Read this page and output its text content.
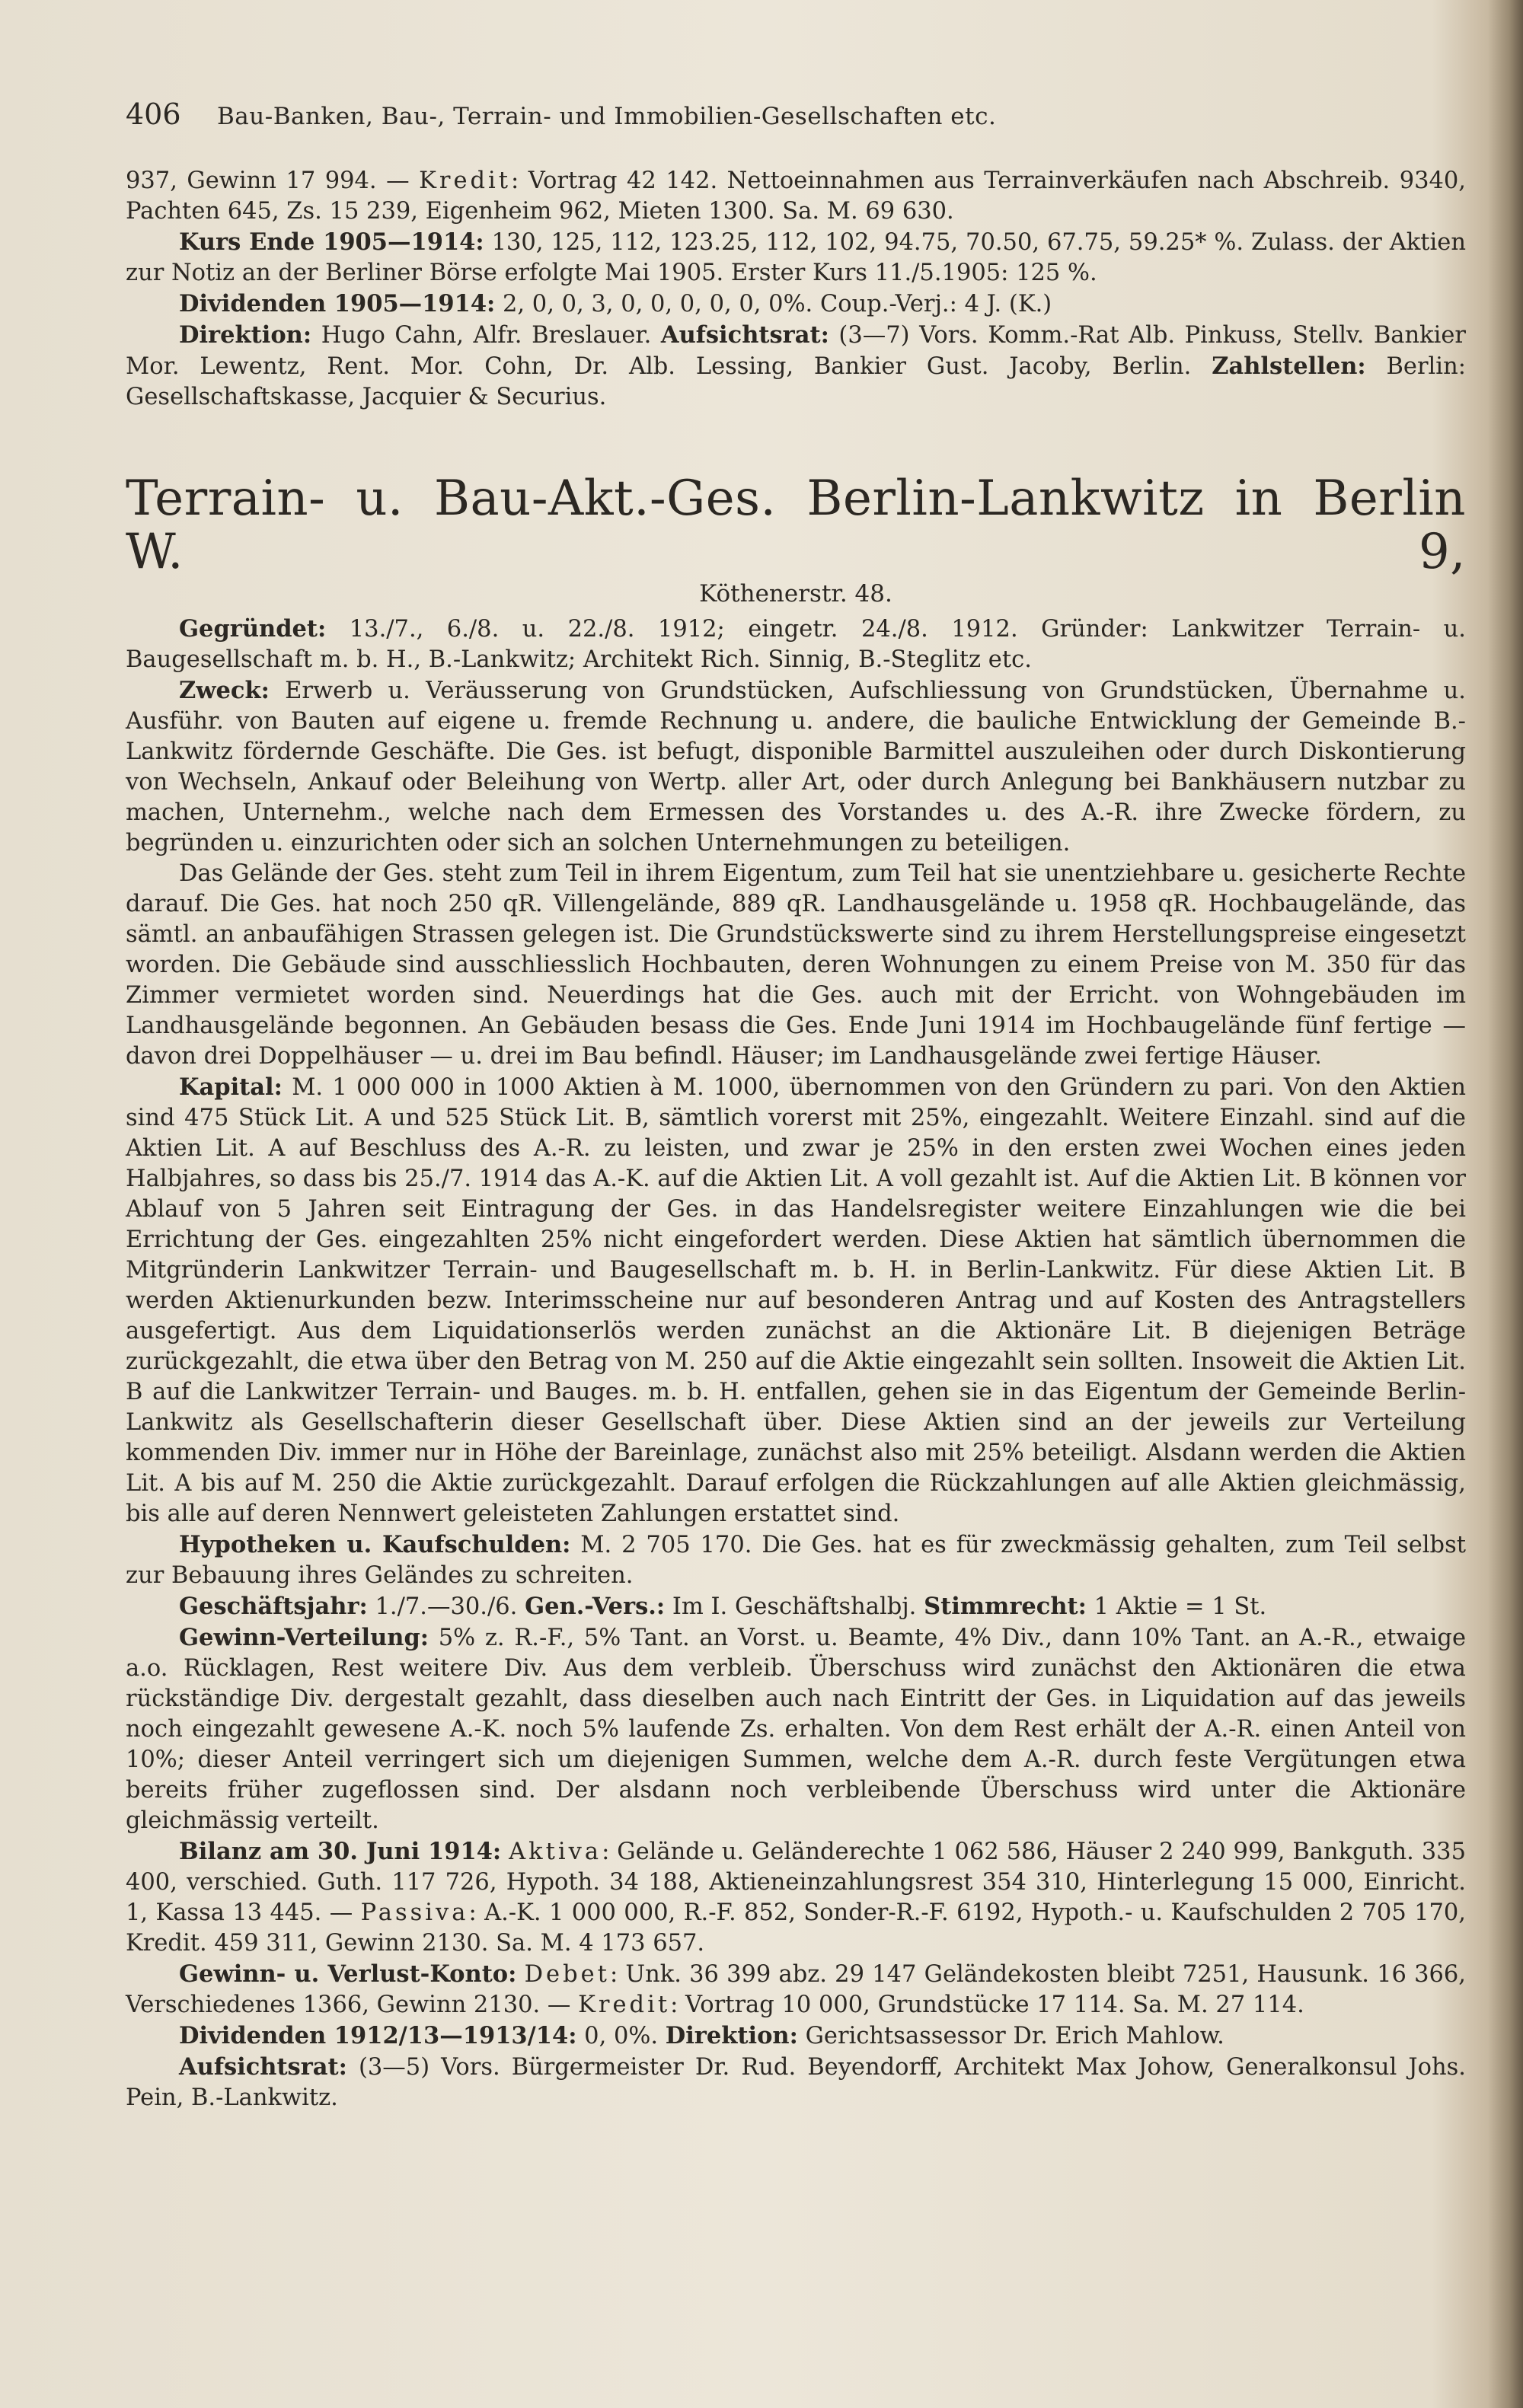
406	Bau-Banken, Bau-, Terrain- und Immobilien-Gesellschaften etc.

937, Gewinn 17 994. — Kredit: Vortrag 42 142. Nettoeinnahmen aus Terrainverkäufen nach Abschreib. 9340, Pachten 645, Zs. 15 239, Eigenheim 962, Mieten 1300. Sa. M. 69 630.

Kurs Ende 1905—1914: 130, 125, 112, 123.25, 112, 102, 94.75, 70.50, 67.75, 59.25* %. Zulass. der Aktien zur Notiz an der Berliner Börse erfolgte Mai 1905. Erster Kurs 11./5.1905: 125 %.

Dividenden 1905—1914: 2, 0, 0, 3, 0, 0, 0, 0, 0, 0%. Coup.-Verj.: 4 J. (K.)

Direktion: Hugo Cahn, Alfr. Breslauer. Aufsichtsrat: (3—7) Vors. Komm.-Rat Alb. Pinkuss, Stellv. Bankier Mor. Lewentz, Rent. Mor. Cohn, Dr. Alb. Lessing, Bankier Gust. Jacoby, Berlin. Zahlstellen: Berlin: Gesellschaftskasse, Jacquier & Securius.

Terrain- u. Bau-Akt.-Ges. Berlin-Lankwitz in Berlin W. 9,
Köthenerstr. 48.

Gegründet: 13./7., 6./8. u. 22./8. 1912; eingetr. 24./8. 1912. Gründer: Lankwitzer Terrain- u. Baugesellschaft m. b. H., B.-Lankwitz; Architekt Rich. Sinnig, B.-Steglitz etc.

Zweck: Erwerb u. Veräusserung von Grundstücken, Aufschliessung von Grundstücken, Übernahme u. Ausführ. von Bauten auf eigene u. fremde Rechnung u. andere, die bauliche Entwicklung der Gemeinde B.-Lankwitz fördernde Geschäfte. Die Ges. ist befugt, disponible Barmittel auszuleihen oder durch Diskontierung von Wechseln, Ankauf oder Beleihung von Wertp. aller Art, oder durch Anlegung bei Bankhäusern nutzbar zu machen, Unternehm., welche nach dem Ermessen des Vorstandes u. des A.-R. ihre Zwecke fördern, zu begründen u. einzurichten oder sich an solchen Unternehmungen zu beteiligen.

Das Gelände der Ges. steht zum Teil in ihrem Eigentum, zum Teil hat sie unentziehbare u. gesicherte Rechte darauf. Die Ges. hat noch 250 qR. Villengelände, 889 qR. Landhausgelände u. 1958 qR. Hochbaugelände, das sämtl. an anbaufähigen Strassen gelegen ist. Die Grundstückswerte sind zu ihrem Herstellungspreise eingesetzt worden. Die Gebäude sind ausschliesslich Hochbauten, deren Wohnungen zu einem Preise von M. 350 für das Zimmer vermietet worden sind. Neuerdings hat die Ges. auch mit der Erricht. von Wohngebäuden im Landhausgelände begonnen. An Gebäuden besass die Ges. Ende Juni 1914 im Hochbaugelände fünf fertige — davon drei Doppelhäuser — u. drei im Bau befindl. Häuser; im Landhausgelände zwei fertige Häuser.

Kapital: M. 1 000 000 in 1000 Aktien à M. 1000, übernommen von den Gründern zu pari. Von den Aktien sind 475 Stück Lit. A und 525 Stück Lit. B, sämtlich vorerst mit 25%, eingezahlt. Weitere Einzahl. sind auf die Aktien Lit. A auf Beschluss des A.-R. zu leisten, und zwar je 25% in den ersten zwei Wochen eines jeden Halbjahres, so dass bis 25./7. 1914 das A.-K. auf die Aktien Lit. A voll gezahlt ist. Auf die Aktien Lit. B können vor Ablauf von 5 Jahren seit Eintragung der Ges. in das Handelsregister weitere Einzahlungen wie die bei Errichtung der Ges. eingezahlten 25% nicht eingefordert werden. Diese Aktien hat sämtlich übernommen die Mitgründerin Lankwitzer Terrain- und Baugesellschaft m. b. H. in Berlin-Lankwitz. Für diese Aktien Lit. B werden Aktienurkunden bezw. Interimsscheine nur auf besonderen Antrag und auf Kosten des Antragstellers ausgefertigt. Aus dem Liquidationserlös werden zunächst an die Aktionäre Lit. B diejenigen Beträge zurückgezahlt, die etwa über den Betrag von M. 250 auf die Aktie eingezahlt sein sollten. Insoweit die Aktien Lit. B auf die Lankwitzer Terrain- und Bauges. m. b. H. entfallen, gehen sie in das Eigentum der Gemeinde Berlin-Lankwitz als Gesellschafterin dieser Gesellschaft über. Diese Aktien sind an der jeweils zur Verteilung kommenden Div. immer nur in Höhe der Bareinlage, zunächst also mit 25% beteiligt. Alsdann werden die Aktien Lit. A bis auf M. 250 die Aktie zurückgezahlt. Darauf erfolgen die Rückzahlungen auf alle Aktien gleichmässig, bis alle auf deren Nennwert geleisteten Zahlungen erstattet sind.

Hypotheken u. Kaufschulden: M. 2 705 170. Die Ges. hat es für zweckmässig gehalten, zum Teil selbst zur Bebauung ihres Geländes zu schreiten.

Geschäftsjahr: 1./7.—30./6. Gen.-Vers.: Im I. Geschäftshalbj. Stimmrecht: 1 Aktie = 1 St.

Gewinn-Verteilung: 5% z. R.-F., 5% Tant. an Vorst. u. Beamte, 4% Div., dann 10% Tant. an A.-R., etwaige a.o. Rücklagen, Rest weitere Div. Aus dem verbleib. Überschuss wird zunächst den Aktionären die etwa rückständige Div. dergestalt gezahlt, dass dieselben auch nach Eintritt der Ges. in Liquidation auf das jeweils noch eingezahlt gewesene A.-K. noch 5% laufende Zs. erhalten. Von dem Rest erhält der A.-R. einen Anteil von 10%; dieser Anteil verringert sich um diejenigen Summen, welche dem A.-R. durch feste Vergütungen etwa bereits früher zugeflossen sind. Der alsdann noch verbleibende Überschuss wird unter die Aktionäre gleichmässig verteilt.

Bilanz am 30. Juni 1914: Aktiva: Gelände u. Geländerechte 1 062 586, Häuser 2 240 999, Bankguth. 335 400, verschied. Guth. 117 726, Hypoth. 34 188, Aktieneinzahlungsrest 354 310, Hinterlegung 15 000, Einricht. 1, Kassa 13 445. — Passiva: A.-K. 1 000 000, R.-F. 852, Sonder-R.-F. 6192, Hypoth.- u. Kaufschulden 2 705 170, Kredit. 459 311, Gewinn 2130. Sa. M. 4 173 657.

Gewinn- u. Verlust-Konto: Debet: Unk. 36 399 abz. 29 147 Geländekosten bleibt 7251, Hausunk. 16 366, Verschiedenes 1366, Gewinn 2130. — Kredit: Vortrag 10 000, Grundstücke 17 114. Sa. M. 27 114.

Dividenden 1912/13—1913/14: 0, 0%. Direktion: Gerichtsassessor Dr. Erich Mahlow.

Aufsichtsrat: (3—5) Vors. Bürgermeister Dr. Rud. Beyendorff, Architekt Max Johow, Generalkonsul Johs. Pein, B.-Lankwitz.
